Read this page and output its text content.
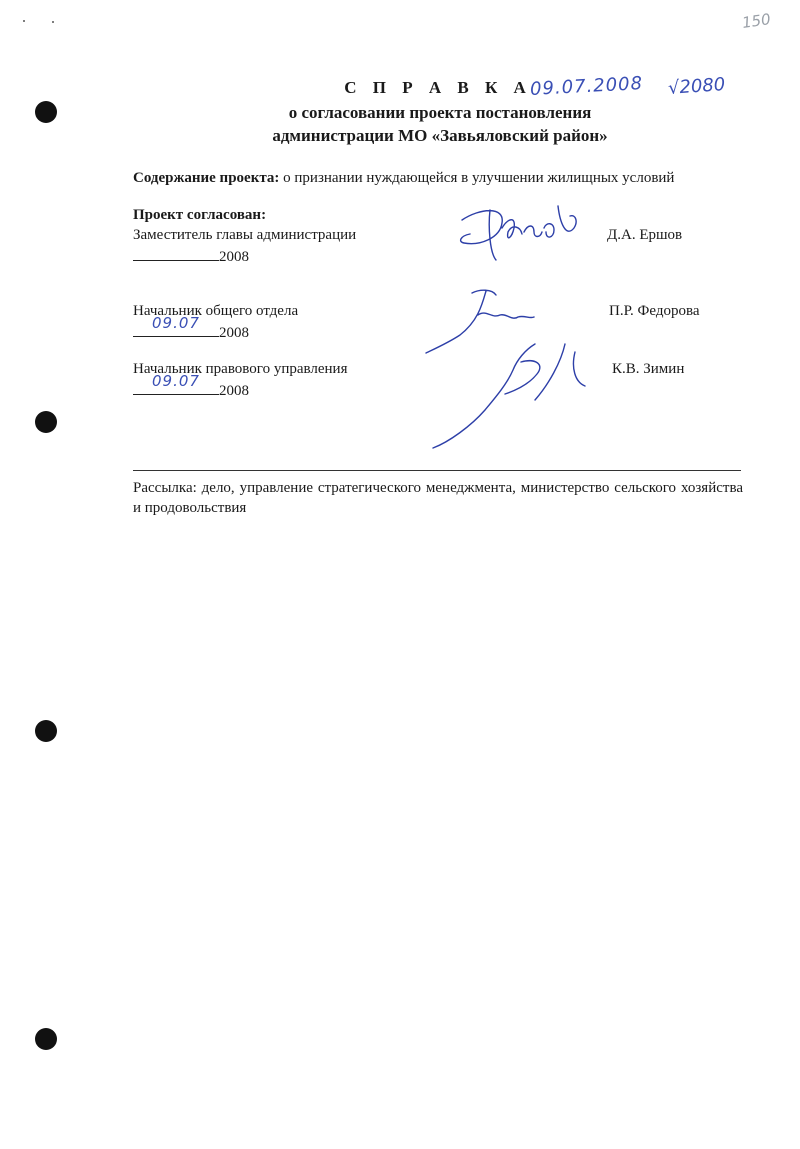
150
С П Р А В К А
09.07.2008 √2080
о согласовании проекта постановления
администрации МО «Завьяловский район»
Содержание проекта: о признании нуждающейся в улучшении жилищных условий
Проект согласован:
Заместитель главы администрации	Д.А. Ершов
2008
Начальник общего отдела	П.Р. Федорова
09.07
2008
Начальник правового управления	К.В. Зимин
09.07
2008
Рассылка: дело, управление стратегического менеджмента, министерство сельского хозяйства и продовольствия
